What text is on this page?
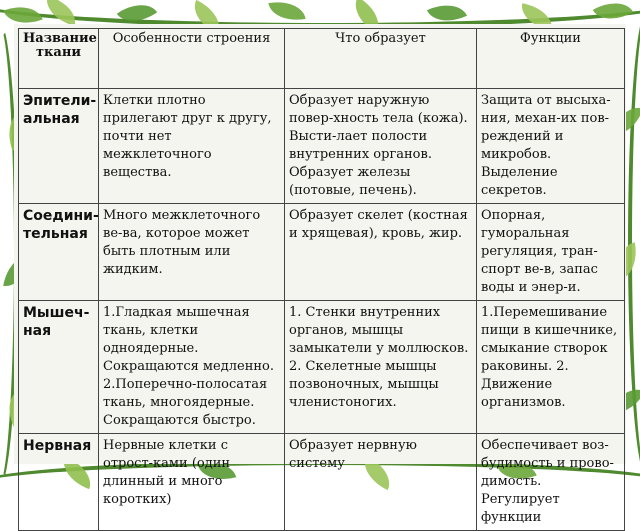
Название ткани	Особенности строения	Что образует	Функции
Эпители-альная	Клетки плотно прилегают друг к другу, почти нет межклеточного вещества.	Образует наружную повер-хность тела (кожа). Высти-лает полости внутренних органов. Образует железы (потовые, печень).	Защита от высыха-ния, механ-их пов-реждений и микробов. Выделение секретов.

Соедини-тельная	Много межклеточного ве-ва, которое может быть плотным или жидким.	Образует скелет (костная и хрящевая), кровь, жир.	Опорная, гуморальная регуляция, тран-спорт ве-в, запас воды и энер-и.

Мышеч-ная	1.Гладкая мышечная ткань, клетки одноядерные. Сокращаются медленно. 2.Поперечно-полосатая ткань, многоядерные. Сокращаются быстро.	1. Стенки внутренних органов, мышцы замыкатели у моллюсков. 2. Скелетные мышцы позвоночных, мышцы членистоногих.	1.Перемешивание пищи в кишечнике, смыкание створок раковины. 2. Движение организмов.

Нервная	Нервные клетки с отрост-ками (один длинный и много коротких)	Образует нервную систему	Обеспечивает воз-будимость и прово-димость. Регулирует функции
